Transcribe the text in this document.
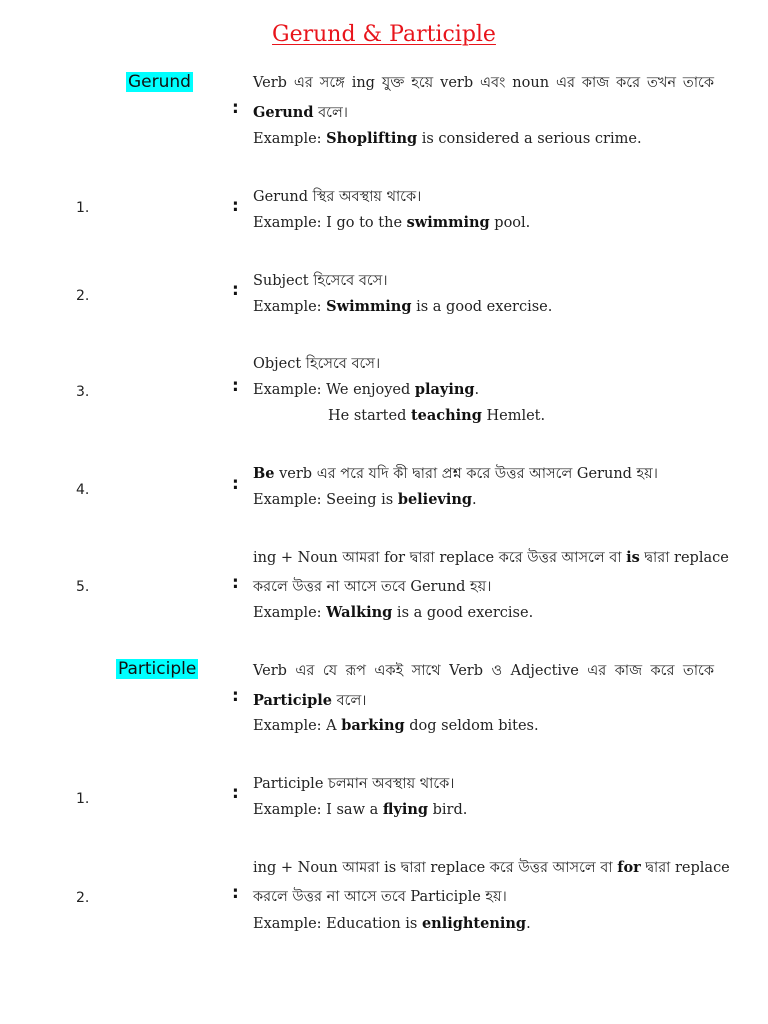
Gerund & Participle
Gerund
:
Verb এর সঙ্গে ing যুক্ত হয়ে verb এবং noun এর কাজ করে তখন তাকে
Gerund বলে।
Example: Shoplifting is considered a serious crime.
1.	: Gerund স্থির অবস্থায় থাকে।
Example: I go to the swimming pool.
2.	: Subject হিসেবে বসে।
Example: Swimming is a good exercise.
3.	:
Object হিসেবে বসে।
Example: We enjoyed playing.
He started teaching Hemlet.
4.	:
Be verb এর পরে যদি কী দ্বারা প্রশ্ন করে উত্তর আসলে Gerund হয়।
Example: Seeing is believing.
5.	:
ing + Noun আমরা for দ্বারা replace করে উত্তর আসলে বা is দ্বারা replace
করলে উত্তর না আসে তবে Gerund হয়।
Example: Walking is a good exercise.
Participle
:
Verb এর যে রূপ একই সাথে Verb ও Adjective এর কাজ করে তাকে
Participle বলে।
Example: A barking dog seldom bites.
1.	: Participle চলমান অবস্থায় থাকে।
Example: I saw a flying bird.
2.	:
ing + Noun আমরা is দ্বারা replace করে উত্তর আসলে বা for দ্বারা replace
করলে উত্তর না আসে তবে Participle হয়।
Example: Education is enlightening.
